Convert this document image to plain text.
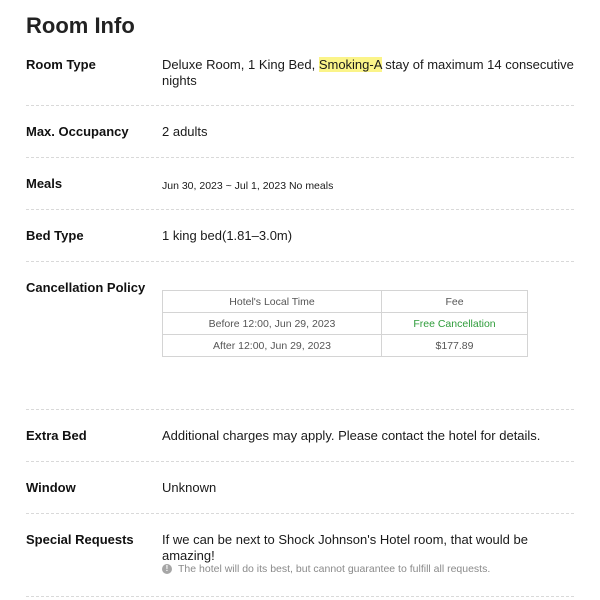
Room Info
Room Type	Deluxe Room, 1 King Bed, Smoking-A stay of maximum 14 consecutive nights
Max. Occupancy	2 adults
Meals	Jun 30, 2023 ~ Jul 1, 2023 No meals
Bed Type	1 king bed(1.81–3.0m)
Cancellation Policy
Hotel's Local Time	Fee
Before 12:00, Jun 29, 2023	Free Cancellation
After 12:00, Jun 29, 2023	$177.89
Extra Bed	Additional charges may apply. Please contact the hotel for details.
Window	Unknown
Special Requests If we can be next to Shock Johnson's Hotel room, that would be amazing!
! The hotel will do its best, but cannot guarantee to fulfill all requests.
